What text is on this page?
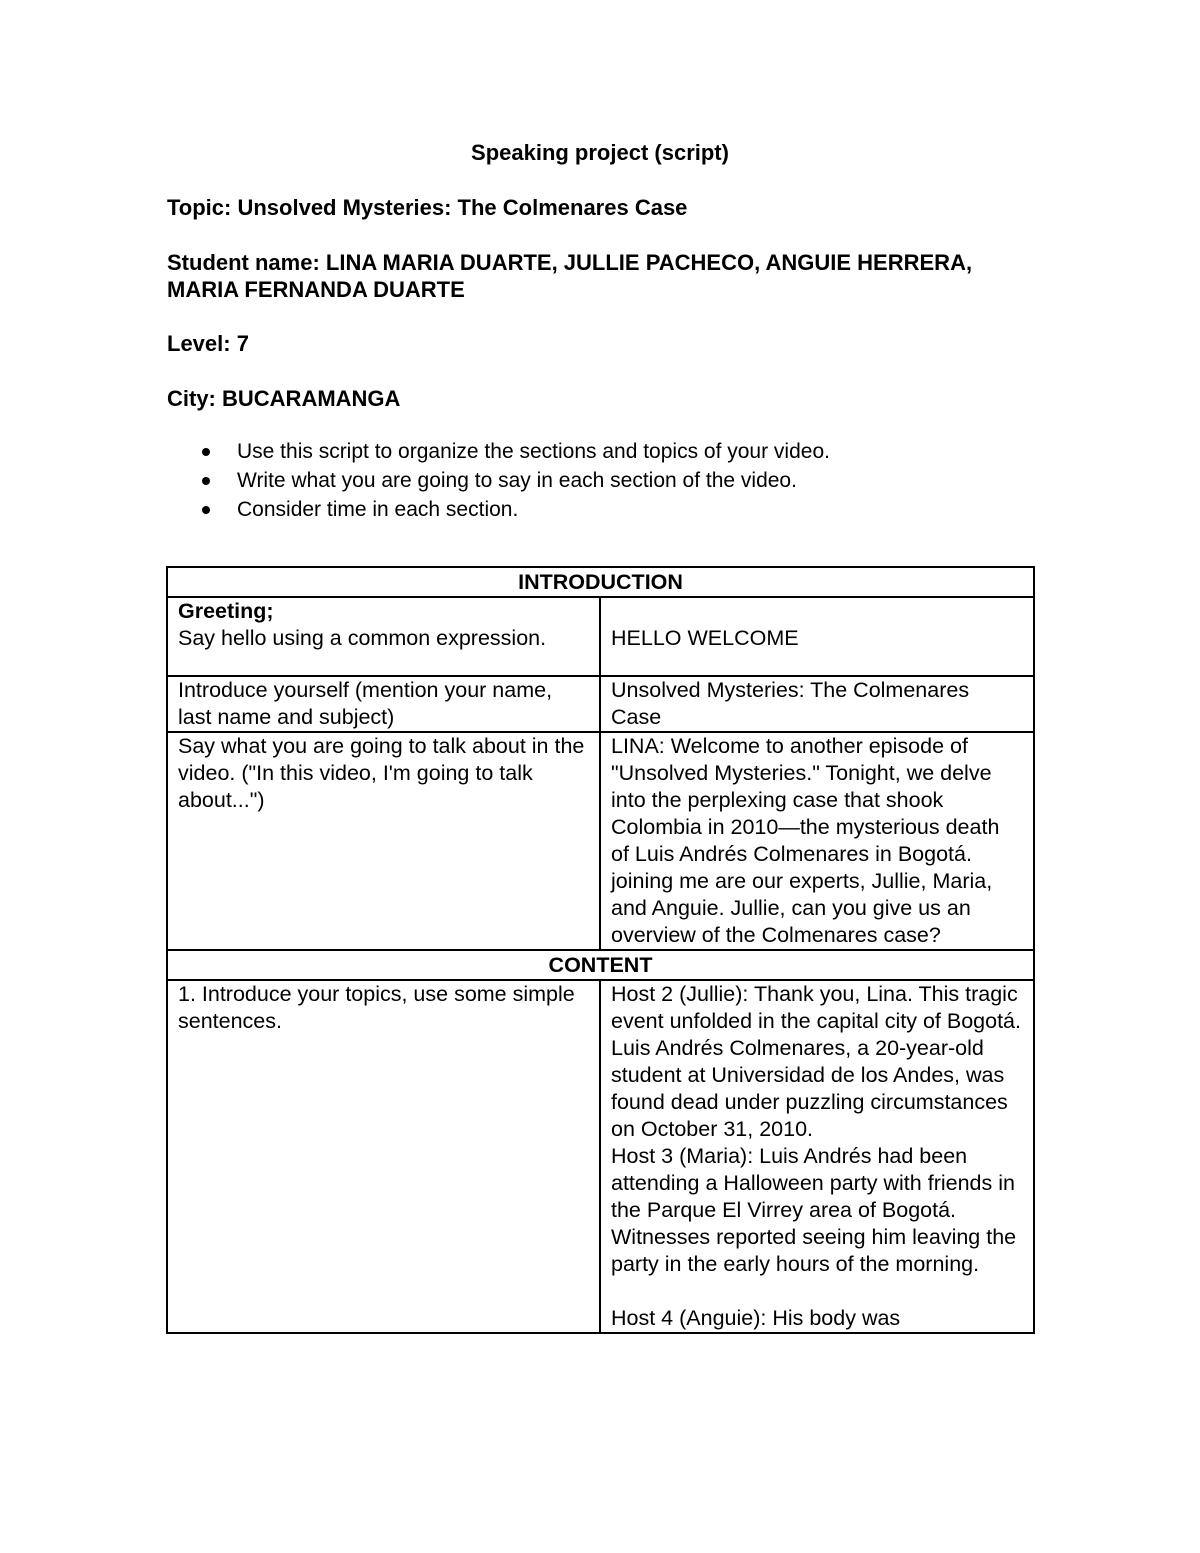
Speaking project (script)
Topic: Unsolved Mysteries: The Colmenares Case
Student name: LINA MARIA DUARTE, JULLIE PACHECO, ANGUIE HERRERA,
MARIA FERNANDA DUARTE
Level: 7
City: BUCARAMANGA
Use this script to organize the sections and topics of your video.
Write what you are going to say in each section of the video.
Consider time in each section.
INTRODUCTION	

Greeting;
Say hello using a common expression.	HELLO WELCOME
Introduce yourself (mention your name, last name and subject)	Unsolved Mysteries: The Colmenares Case
Say what you are going to talk about in the video. ("In this video, I'm going to talk about...")	LINA: Welcome to another episode of "Unsolved Mysteries." Tonight, we delve into the perplexing case that shook Colombia in 2010—the mysterious death of Luis Andrés Colmenares in Bogotá. joining me are our experts, Jullie, Maria, and Anguie. Jullie, can you give us an overview of the Colmenares case?
CONTENT	
1. Introduce your topics, use some simple sentences.	Host 2 (Jullie): Thank you, Lina. This tragic event unfolded in the capital city of Bogotá. Luis Andrés Colmenares, a 20-year-old student at Universidad de los Andes, was found dead under puzzling circumstances on October 31, 2010.
Host 3 (Maria): Luis Andrés had been attending a Halloween party with friends in the Parque El Virrey area of Bogotá. Witnesses reported seeing him leaving the party in the early hours of the morning.

Host 4 (Anguie): His body was
